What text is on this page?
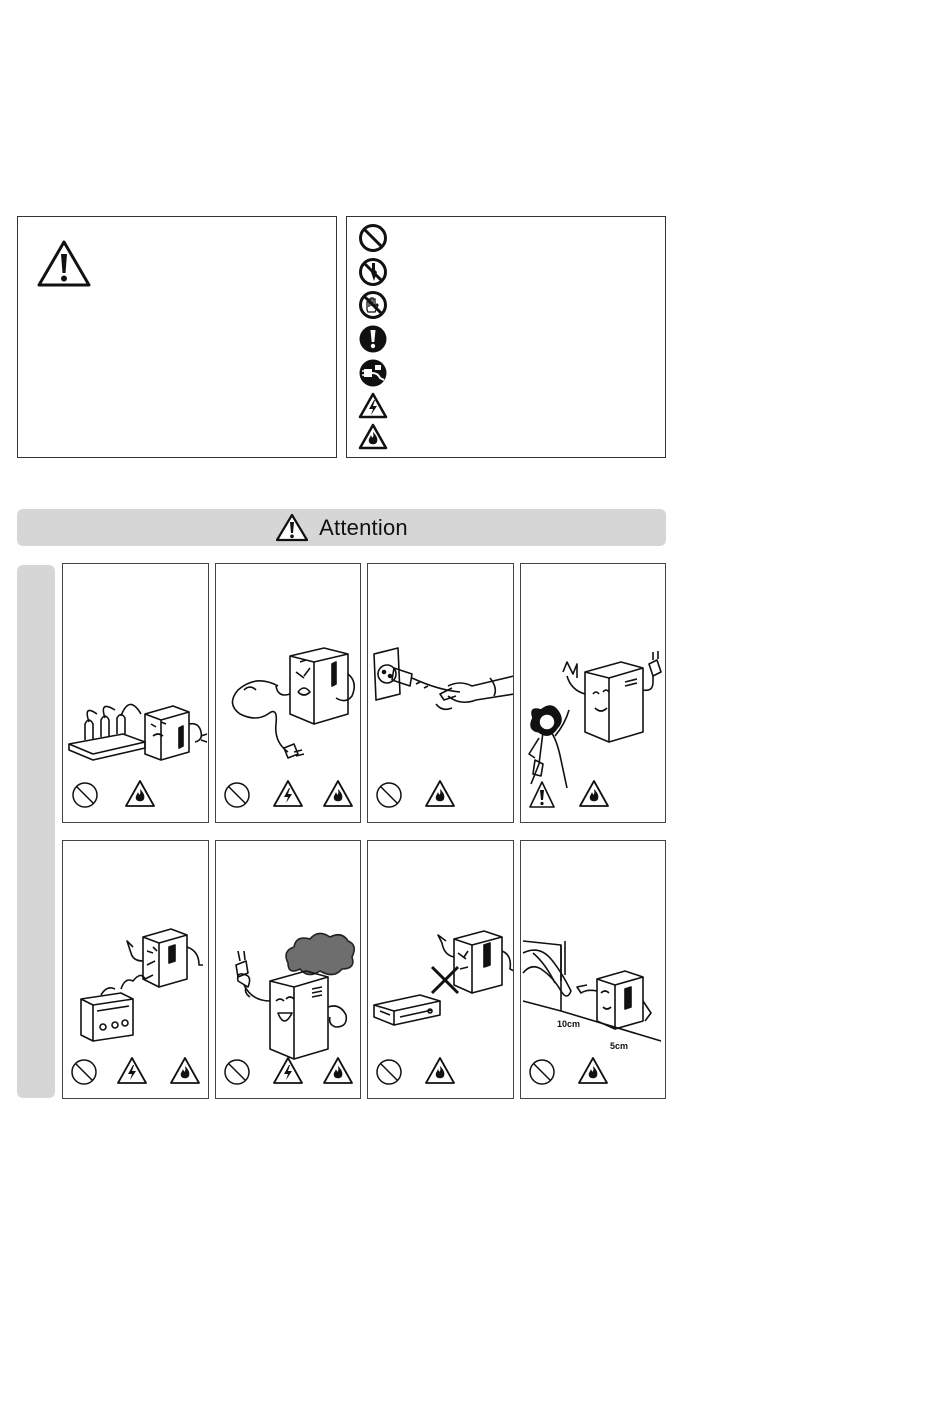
Attention
10cm
5cm
